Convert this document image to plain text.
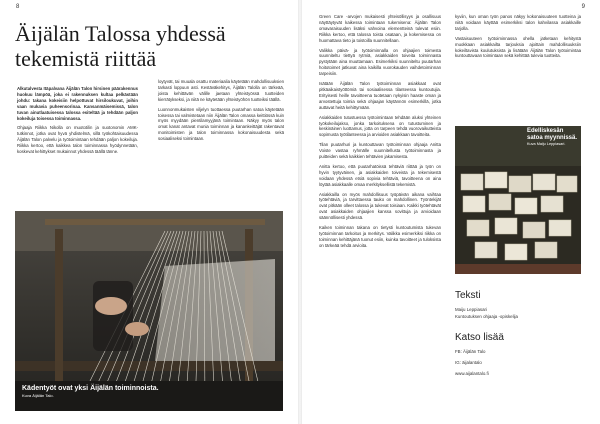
8
Äijälän Talossa yhdessä tekemistä riittää

Alkutalvesta Itäpalvana Äijälän Talon hirsinen päärakennus huokuu lämpöä, joka ei rakennuksen kultaa pelkästään johdu: takana kokeisiin helpottuvat hirsiloukuvat, joihin vaan mukavia puheensorinaa. Kansanmäisemissä, talon tuvan ainutlaatuisessa talossa esiteltää ja tehdään paljon kokeiluja toisessa toiminnassa.

Ohjaaja Riikka Nikolla on muototilin ja suotonomin AMK-tutkinnot, jotka ovat hyvä yhdistelmä, sillä työkohtaisuudessa Äijälän Talon palvelu ja työtoimintaan tehdään paljon kokeiluja. Riikka kertoo, että kaikkea talon toiminnassa hyödynnetään, koskevat kehittykset mukainnot yhdessä täällä tänne.

loytyvät, tai muuala osattu materiaalia käytetään mahdollisuuksien tarkasti loppuun asti. Kestäväkehitys, Äijälän Talolla on tärkeää, joista kehittävän välille jaetaan yhteistyössä tuotteiden kierrätykseksi, ja niitä ne käytetään yhteistyöhön tuotteiksi täällä.

Luonnonmukaisten viljelyn tuottaessa puutarhan satoa käytetään toisessa tai valmistetaan niin Äijälän Talon omassa keittiössä kuin myös myydään pientilamyyjänä toimintaan. Näkyy myös talon omat kanat antavat munia toiminnan ja kanankeittäjät rakentavat monitoimisten ja talon toiminnassa kokonaisuudesta sekä sosiaaliseksi toimintaan.

Kädentyöt ovat yksi Äijälän toiminnoista.
Kuva Äijälän Talo.
9

Green Care -arvojen mukaisesti yhteisöllisyys ja osallisuus näyttäytyvät kaikessa toimintaan tukemisena: Äijälän Talon omavaraisuuden lisäksi vahvoina elementteinä tulevat esiin. Riikka kertoo, että talossa toista osataan, ja kokemisessa on huomattava tieto ja toistoilla suunnitellaan.

Valikka päivä- ja työtoiminnalla on ohjaajien toimesta suunniteltu tiettyä rytmiä, asiakkaiden toiveita toiminnasta pystytään aina muuttamaan. Esimerkiksi suunniteltu puutarhan hoitotoimet jatkuvat aina kaikilla vuorokauden vaihdetoiminnan tarpeisiin.

Isätään Äijälän Talon työtoiminnan asiakkaat ovat pitkäaikaistyöttömiä tai sosiaalisessa tilanteessa kuntoutujia. Erityisesti heille tavoitteena tuotetaan nykyisin haaste oman ja arvostettuja toimia sekä ohjaajan käytännön esimerkillä, jotka auttavat heitä kehittymään.

Asiakkaiden tutustuessa työtoimintaan tehdään aluksi yhteinen työkokeilujakso, jonka tarkoituksena on tutustuminen ja keskinäinen luottamus, jotta on tarpeen tehdä vuorovaikutteista sopimusta työtilanteessa ja arvioiden asiakkaan tavoitteita.

Tilan puutarhuri ja kuntouttavan työtoiminnan ohjaaja Anitta Voiste vastaa ryhmälle suunnitellusta työtoiminnasta ja puitteiden sekä kaikkien tehtävien jakamisesta.

Anitta kertoo, että puutarhatöissä tehtäviä riittää ja työn on hyvin tyytyväinen, ja asiakkaiden toiveista ja tekemisestä voidaan yhdessä etsiä sopivia tehtäviä, tavoitteena on aina löytää asiakkaalle omaa merkityksellistä tekemistä.

Asiakkailla on myös mahdollisuus työpäivän aikana vaihtaa työtehtäviä, ja tarvittaessa tauko on mahdollinen. Työntekijät ovat pitkään olleet talossa ja tukevat toisiaan. Kaikki työtehtävät ovat asiakkaiden ohjaajien kanssa sovittuja ja arvioidaan säännöllisesti yhdessä.

Kaiken toiminnan takana on tietysti kuntoutumista tukevan työtoiminnan tarkoitus ja merkitys. Valikka esimerkiksi riikka on toiminnan kehittäjänä tuonut esiin, kuinka tavoitteet ja tuloksista on tärkeää tehdä arvioita.

kyviin, kun oman työn panos näkyy kokonaisuuteen tuotteina ja niitä voidaan käyttää esimerkiksi talon kahvilassa asiakkaille tarjolla.

Vastaisuuteen työtoiminnassa ohella jatketaan kehitystä muokkaan asiakkailta tarjouksia ajoittain mahdollisuuksiin kokeiltavista koulutuksista ja lisätään Äijälän Talon työtoimintaa kuntouttavaan toimintaan sekä kehittää tulevia tuotteita.

Edelliskesän satoa myynnissä.
Kuva Maiju Leppiasari.
Teksti
Maiju Leppiasari
Kuntoutuksen ohjaaja -opiskelija
Katso lisää
FB: Äijälän Talo
IG: äijalantalo
www.aijalantalo.fi
